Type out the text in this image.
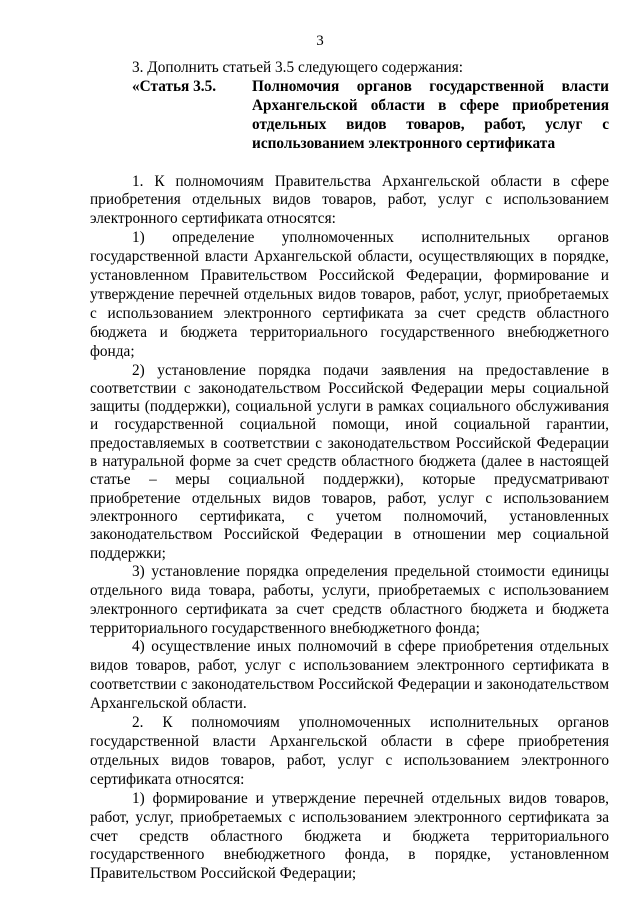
3

3. Дополнить статьей 3.5 следующего содержания:

«Статья 3.5.	Полномочия органов государственной власти Архангельской области в сфере приобретения отдельных видов товаров, работ, услуг с использованием электронного сертификата

1. К полномочиям Правительства Архангельской области в сфере приобретения отдельных видов товаров, работ, услуг с использованием электронного сертификата относятся:

1) определение уполномоченных исполнительных органов государственной власти Архангельской области, осуществляющих в порядке, установленном Правительством Российской Федерации, формирование и утверждение перечней отдельных видов товаров, работ, услуг, приобретаемых с использованием электронного сертификата за счет средств областного бюджета и бюджета территориального государственного внебюджетного фонда;

2) установление порядка подачи заявления на предоставление в соответствии с законодательством Российской Федерации меры социальной защиты (поддержки), социальной услуги в рамках социального обслуживания и государственной социальной помощи, иной социальной гарантии, предоставляемых в соответствии с законодательством Российской Федерации в натуральной форме за счет средств областного бюджета (далее в настоящей статье – меры социальной поддержки), которые предусматривают приобретение отдельных видов товаров, работ, услуг с использованием электронного сертификата, с учетом полномочий, установленных законодательством Российской Федерации в отношении мер социальной поддержки;

3) установление порядка определения предельной стоимости единицы отдельного вида товара, работы, услуги, приобретаемых с использованием электронного сертификата за счет средств областного бюджета и бюджета территориального государственного внебюджетного фонда;

4) осуществление иных полномочий в сфере приобретения отдельных видов товаров, работ, услуг с использованием электронного сертификата в соответствии с законодательством Российской Федерации и законодательством Архангельской области.

2. К полномочиям уполномоченных исполнительных органов государственной власти Архангельской области в сфере приобретения отдельных видов товаров, работ, услуг с использованием электронного сертификата относятся:

1) формирование и утверждение перечней отдельных видов товаров, работ, услуг, приобретаемых с использованием электронного сертификата за счет средств областного бюджета и бюджета территориального государственного внебюджетного фонда, в порядке, установленном Правительством Российской Федерации;
